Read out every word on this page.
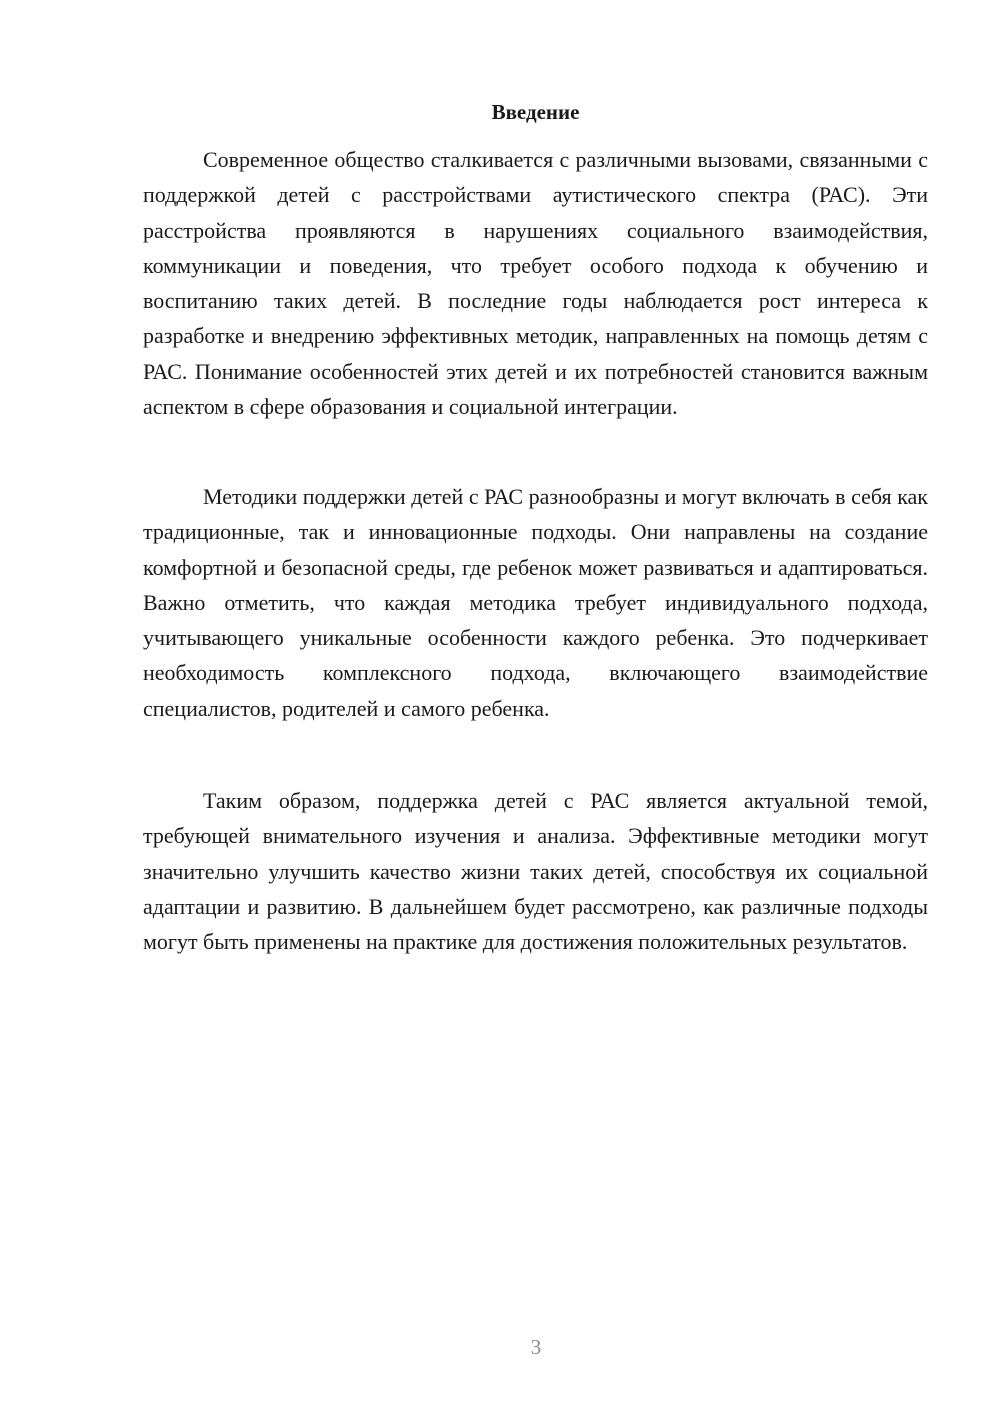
Введение

Современное общество сталкивается с различными вызовами, связанными с поддержкой детей с расстройствами аутистического спектра (РАС). Эти расстройства проявляются в нарушениях социального взаимодействия, коммуникации и поведения, что требует особого подхода к обучению и воспитанию таких детей. В последние годы наблюдается рост интереса к разработке и внедрению эффективных методик, направленных на помощь детям с РАС. Понимание особенностей этих детей и их потребностей становится важным аспектом в сфере образования и социальной интеграции.

Методики поддержки детей с РАС разнообразны и могут включать в себя как традиционные, так и инновационные подходы. Они направлены на создание комфортной и безопасной среды, где ребенок может развиваться и адаптироваться. Важно отметить, что каждая методика требует индивидуального подхода, учитывающего уникальные особенности каждого ребенка. Это подчеркивает необходимость комплексного подхода, включающего взаимодействие специалистов, родителей и самого ребенка.

Таким образом, поддержка детей с РАС является актуальной темой, требующей внимательного изучения и анализа. Эффективные методики могут значительно улучшить качество жизни таких детей, способствуя их социальной адаптации и развитию. В дальнейшем будет рассмотрено, как различные подходы могут быть применены на практике для достижения положительных результатов.

3
